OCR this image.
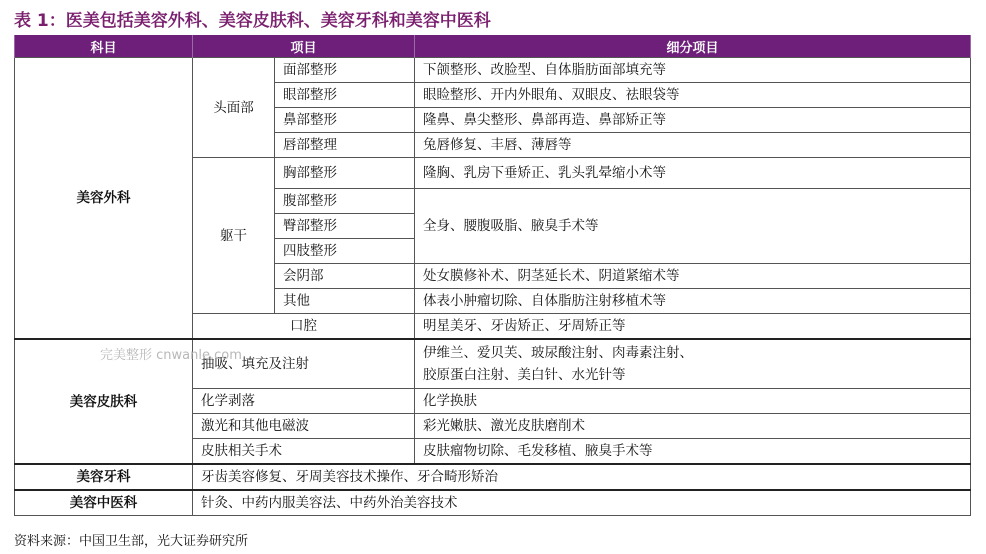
表 1：医美包括美容外科、美容皮肤科、美容牙科和美容中医科
科目	项目		细分项目
美容外科	头面部	面部整形	下颌整形、改脸型、自体脂肪面部填充等
		眼部整形	眼睑整形、开内外眼角、双眼皮、祛眼袋等
		鼻部整形	隆鼻、鼻尖整形、鼻部再造、鼻部矫正等
		唇部整理	兔唇修复、丰唇、薄唇等
	躯干	胸部整形	隆胸、乳房下垂矫正、乳头乳晕缩小术等
		腹部整形	全身、腰腹吸脂、腋臭手术等
		臀部整形	
		四肢整形	
		会阴部	处女膜修补术、阴茎延长术、阴道紧缩术等
		其他	体表小肿瘤切除、自体脂肪注射移植术等
	口腔		明星美牙、牙齿矫正、牙周矫正等
美容皮肤科	抽吸、填充及注射		伊维兰、爱贝芙、玻尿酸注射、肉毒素注射、
胶原蛋白注射、美白针、水光针等

	化学剥落		化学换肤
	激光和其他电磁波		彩光嫩肤、激光皮肤磨削术
	皮肤相关手术		皮肤瘤物切除、毛发移植、腋臭手术等
美容牙科	牙齿美容修复、牙周美容技术操作、牙合畸形矫治		
美容中医科	针灸、中药内服美容法、中药外治美容技术		
完美整形 cnwanle.com
资料来源：中国卫生部，光大证券研究所
